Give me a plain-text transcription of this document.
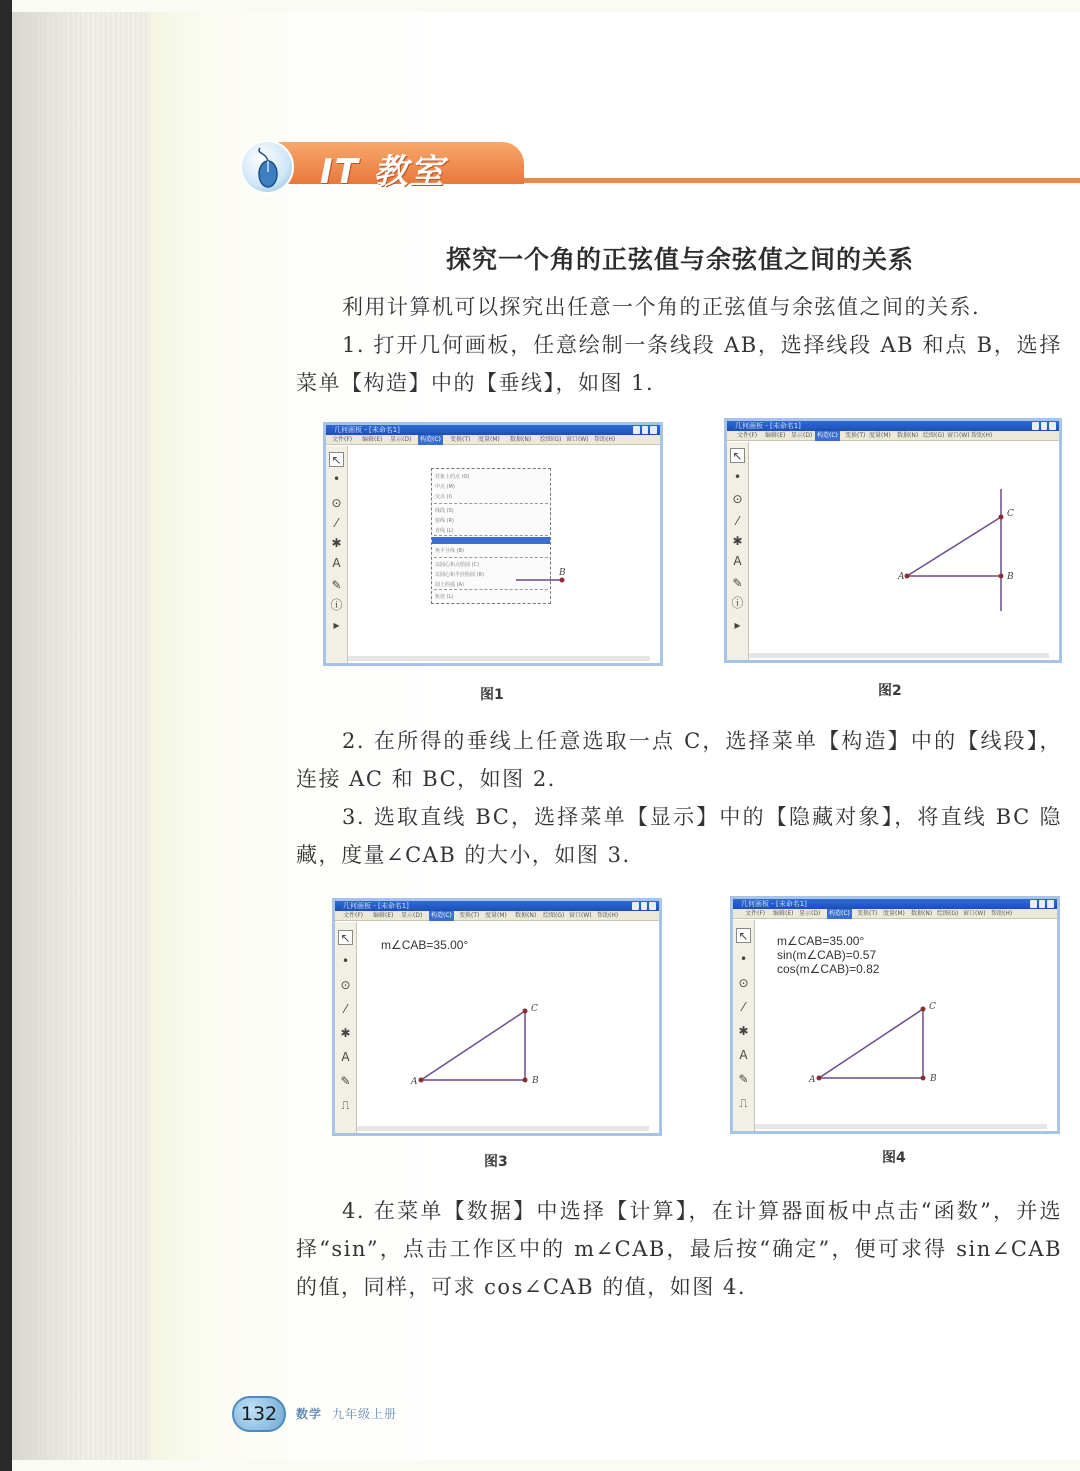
IT 教室
探究一个角的正弦值与余弦值之间的关系
利用计算机可以探究出任意一个角的正弦值与余弦值之间的关系.
1. 打开几何画板，任意绘制一条线段 AB，选择线段 AB 和点 B，选择菜单【构造】中的【垂线】，如图 1.
几何画板 - [未命名1]
文件(F) 编辑(E) 显示(D)	构造(C)	变换(T) 度量(M) 数据(N) 绘图(G) 窗口(W) 帮助(H)
↖
•
⊙
⁄
✱
A
✎
ⓘ
▸
对象上的点 (O)
中点 (M)
交点 (I)
线段 (S)
射线 (R)
直线 (L)
角平分线 (B)
以圆心和点绘圆 (C)
以圆心和半径绘圆 (R)
圆上的弧 (A)
轨迹 (L)
B
图1
几何画板 - [未命名1]
文件(F) 编辑(E) 显示(D) 构造(C)	变换(T) 度量(M) 数据(N) 绘图(G) 窗口(W) 帮助(H)
↖
•
⊙
⁄
✱
A
✎
ⓘ
▸
A	B
C
图2
2. 在所得的垂线上任意选取一点 C，选择菜单【构造】中的【线段】，连接 AC 和 BC，如图 2.
3. 选取直线 BC，选择菜单【显示】中的【隐藏对象】，将直线 BC 隐藏，度量∠CAB 的大小，如图 3.
几何画板 - [未命名1]
文件(F) 编辑(E) 显示(D)	构造(C)	变换(T) 度量(M) 数据(N) 绘图(G) 窗口(W) 帮助(H)
↖
•
⊙
⁄
✱
A
✎
⎍
m∠CAB=35.00°
A	B
C
图3
几何画板 - [未命名1]
文件(F) 编辑(E) 显示(D)	构造(C)	变换(T) 度量(M) 数据(N) 绘图(G) 窗口(W) 帮助(H)
↖
•
⊙
⁄
✱
A
✎
⎍
m∠CAB=35.00°
sin(m∠CAB)=0.57
cos(m∠CAB)=0.82
A	B
C
图4
4. 在菜单【数据】中选择【计算】，在计算器面板中点击“函数”，并选择“sin”，点击工作区中的 m∠CAB，最后按“确定”，便可求得 sin∠CAB 的值，同样，可求 cos∠CAB 的值，如图 4.
132	数学 九年级上册
